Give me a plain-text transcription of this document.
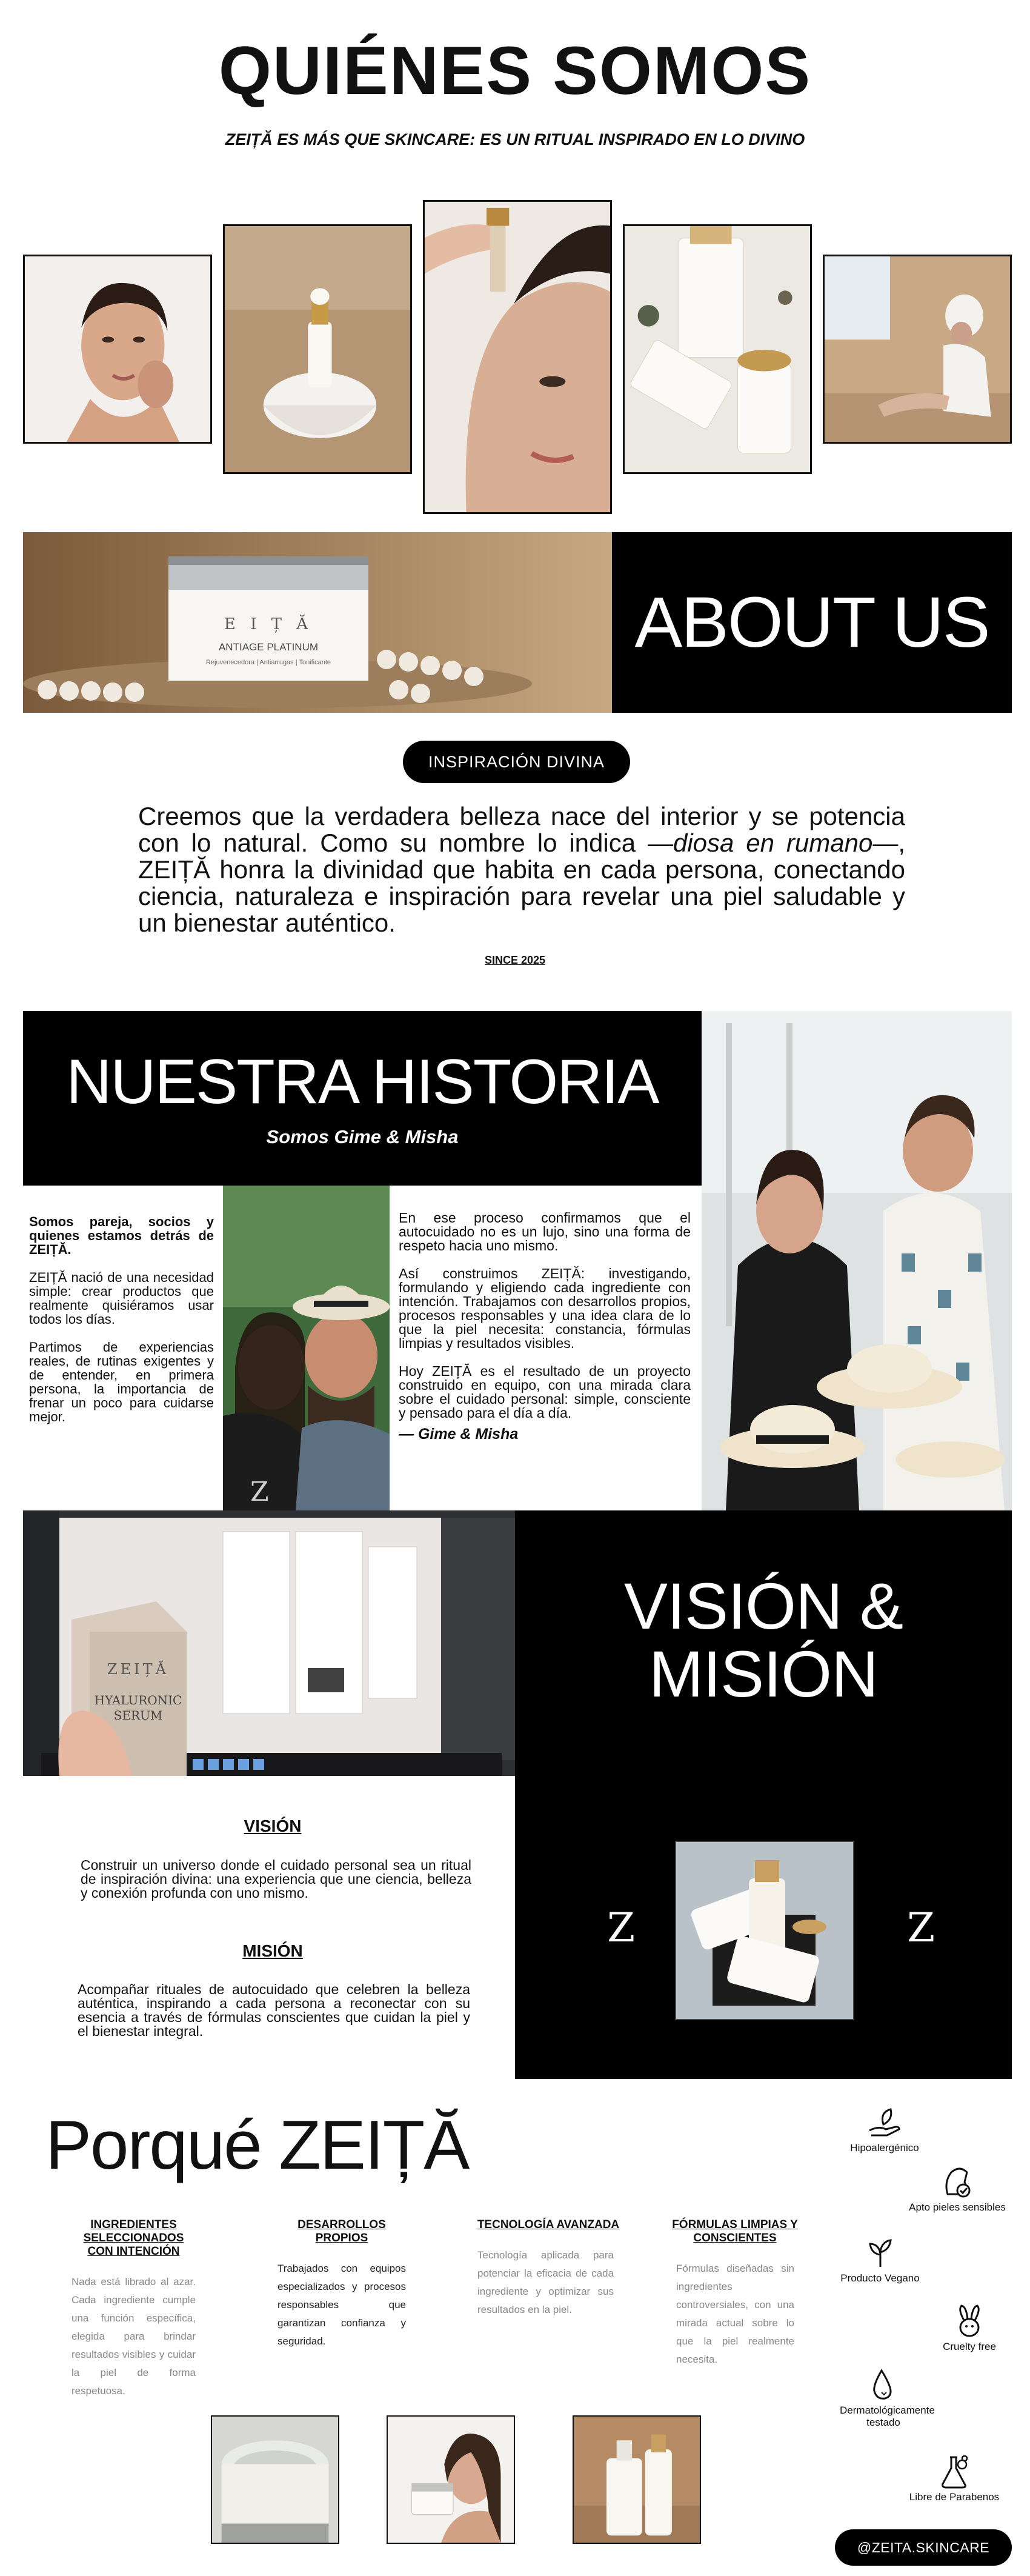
QUIÉNES SOMOS
ZEIȚĂ ES MÁS QUE SKINCARE: ES UN RITUAL INSPIRADO EN LO DIVINO
E I Ț Ă
ANTIAGE PLATINUM
Rejuvenecedora | Antiarrugas | Tonificante	ABOUT US
INSPIRACIÓN DIVINA
Creemos que la verdadera belleza nace del interior y se potencia con lo natural. Como su nombre lo indica —diosa en rumano—, ZEIȚĂ honra la divinidad que habita en cada persona, conectando ciencia, naturaleza e inspiración para revelar una piel saludable y un bienestar auténtico.
SINCE 2025
NUESTRA HISTORIA
Somos Gime & Misha
Somos pareja, socios y quienes estamos detrás de ZEIȚĂ.
ZEIȚĂ nació de una necesidad simple: crear productos que realmente quisiéramos usar todos los días.
Partimos de experiencias reales, de rutinas exigentes y de entender, en primera persona, la importancia de frenar un poco para cuidarse mejor.
Z
En ese proceso confirmamos que el autocuidado no es un lujo, sino una forma de respeto hacia uno mismo.
Así construimos ZEIȚĂ: investigando, formulando y eligiendo cada ingrediente con intención. Trabajamos con desarrollos propios, procesos responsables y una idea clara de lo que la piel necesita: constancia, fórmulas limpias y resultados visibles.
Hoy ZEIȚĂ es el resultado de un proyecto construido en equipo, con una mirada clara sobre el cuidado personal: simple, consciente y pensado para el día a día.
— Gime & Misha
ZEIȚĂ
HYALURONIC
SERUM
VISIÓN &
MISIÓN
Z	Z
VISIÓN
Construir un universo donde el cuidado personal sea un ritual de inspiración divina: una experiencia que une ciencia, belleza y conexión profunda con uno mismo.
MISIÓN
Acompañar rituales de autocuidado que celebren la belleza auténtica, inspirando a cada persona a reconectar con su esencia a través de fórmulas conscientes que cuidan la piel y el bienestar integral.
Porqué ZEIȚĂ
INGREDIENTES SELECCIONADOS CON INTENCIÓN
Nada está librado al azar. Cada ingrediente cumple una función específica, elegida para brindar resultados visibles y cuidar la piel de forma respetuosa.
DESARROLLOS PROPIOS
Trabajados con equipos especializados y procesos responsables que garantizan confianza y seguridad.
TECNOLOGÍA AVANZADA
Tecnología aplicada para potenciar la eficacia de cada ingrediente y optimizar sus resultados en la piel.
FÓRMULAS LIMPIAS Y CONSCIENTES
Fórmulas diseñadas sin ingredientes controversiales, con una mirada actual sobre lo que la piel realmente necesita.
Hipoalergénico
Apto pieles sensibles
Producto Vegano
Cruelty free
Dermatológicamente testado
Libre de Parabenos
@ZEITA.SKINCARE
